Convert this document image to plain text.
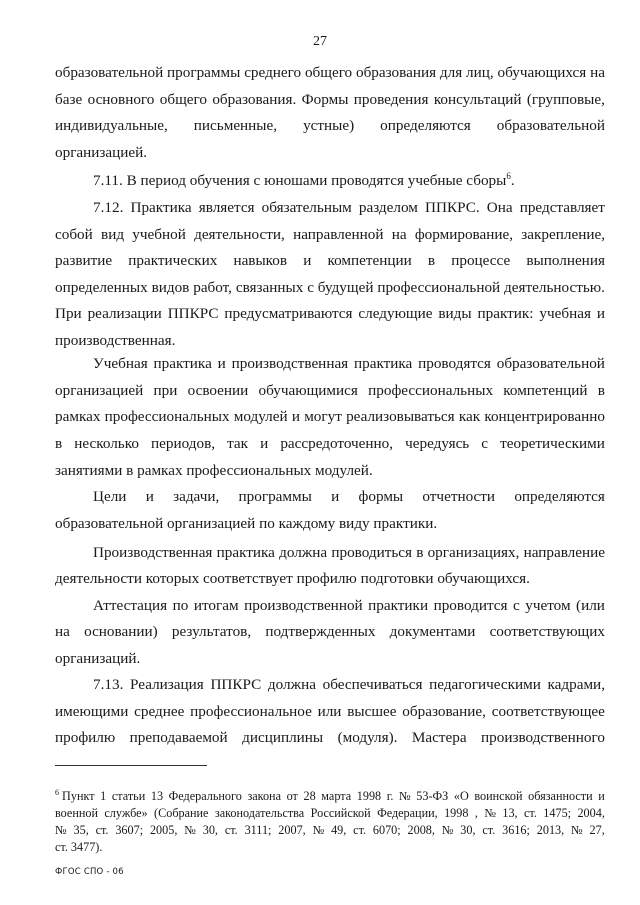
27
образовательной программы среднего общего образования для лиц, обучающихся на
базе основного общего образования. Формы проведения консультаций (групповые,
индивидуальные, письменные, устные) определяются образовательной
организацией.
7.11. В период обучения с юношами проводятся учебные сборы$^6$.
7.12. Практика является обязательным разделом ППКРС. Она представляет
собой вид учебной деятельности, направленной на формирование, закрепление,
развитие практических навыков и компетенции в процессе выполнения
определенных видов работ, связанных с будущей профессиональной деятельностью.
При реализации ППКРС предусматриваются следующие виды практик: учебная и
производственная.
Учебная практика и производственная практика проводятся образовательной
организацией при освоении обучающимися профессиональных компетенций в
рамках профессиональных модулей и могут реализовываться как концентрированно
в несколько периодов, так и рассредоточенно, чередуясь с теоретическими
занятиями в рамках профессиональных модулей.
Цели и задачи, программы и формы отчетности определяются
образовательной организацией по каждому виду практики.
Производственная практика должна проводиться в организациях, направление
деятельности которых соответствует профилю подготовки обучающихся.
Аттестация по итогам производственной практики проводится с учетом (или
на основании) результатов, подтвержденных документами соответствующих
организаций.
7.13. Реализация ППКРС должна обеспечиваться педагогическими кадрами,
имеющими среднее профессиональное или высшее образование, соответствующее
профилю преподаваемой дисциплины (модуля). Мастера производственного
$^6$ Пункт 1 статьи 13 Федерального закона от 28 марта 1998 г. № 53-ФЗ «О воинской обязанности и
военной службе» (Собрание законодательства Российской Федерации, 1998 , № 13, ст. 1475; 2004,
№ 35, ст. 3607; 2005, № 30, ст. 3111; 2007, № 49, ст. 6070; 2008, № 30, ст. 3616; 2013, № 27,
ст. 3477).
ФГОС СПО - 06
